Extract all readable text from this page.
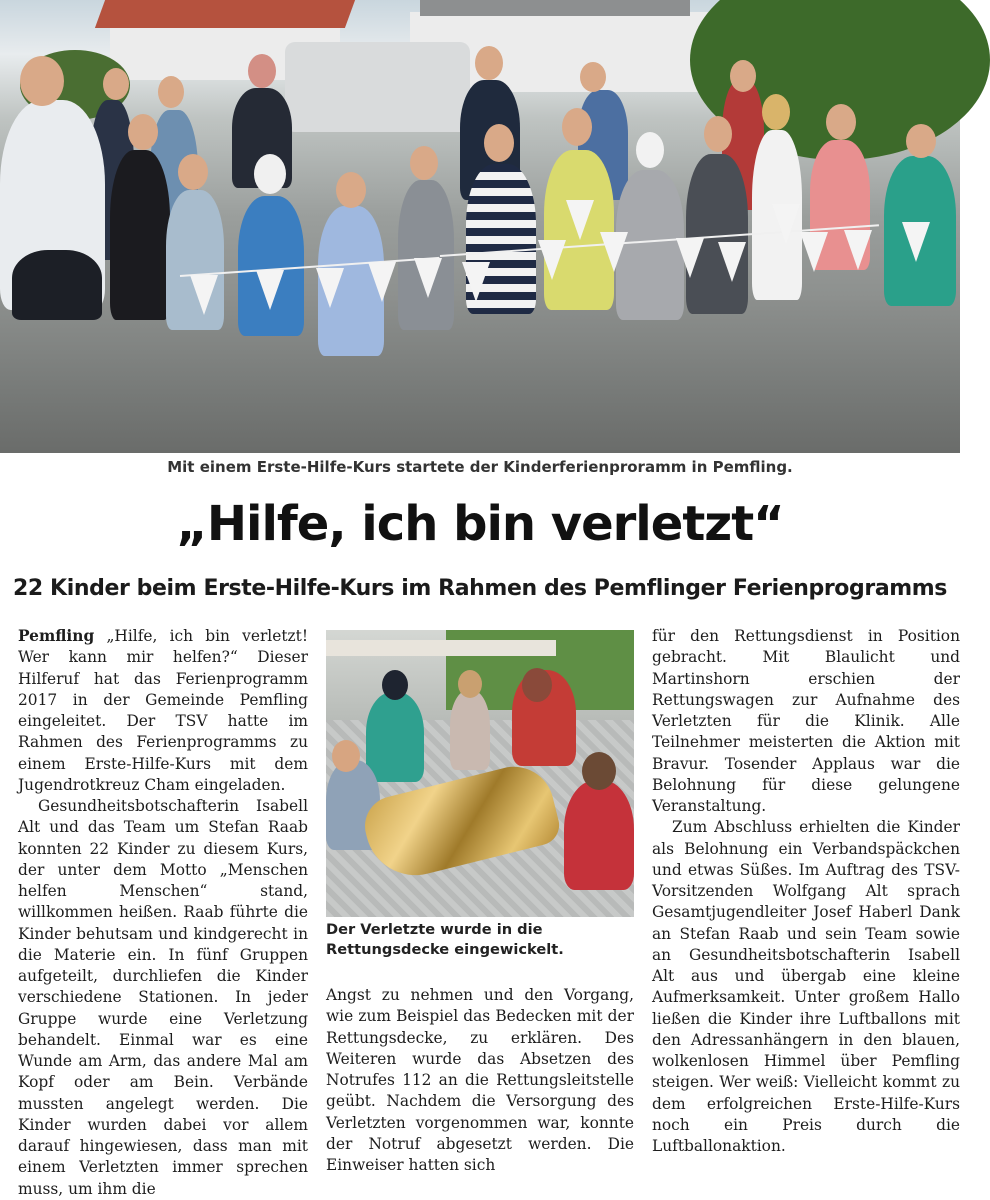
Mit einem Erste-Hilfe-Kurs startete der Kinderferienproramm in Pemfling.
„Hilfe, ich bin verletzt“
22 Kinder beim Erste-Hilfe-Kurs im Rahmen des Pemflinger Ferienprogramms

Pemfling „Hilfe, ich bin verletzt! Wer kann mir helfen?“ Dieser Hilferuf hat das Ferienprogramm 2017 in der Gemeinde Pemfling eingeleitet. Der TSV hatte im Rahmen des Ferienprogramms zu einem Erste-Hilfe-Kurs mit dem Jugendrotkreuz Cham eingeladen.

Gesundheitsbotschafterin Isabell Alt und das Team um Stefan Raab konnten 22 Kinder zu diesem Kurs, der unter dem Motto „Menschen helfen Menschen“ stand, willkommen heißen. Raab führte die Kinder behutsam und kindgerecht in die Materie ein. In fünf Gruppen aufgeteilt, durchliefen die Kinder verschiedene Stationen. In jeder Gruppe wurde eine Verletzung behandelt. Einmal war es eine Wunde am Arm, das andere Mal am Kopf oder am Bein. Verbände mussten angelegt werden. Die Kinder wurden dabei vor allem darauf hingewiesen, dass man mit einem Verletzten immer sprechen muss, um ihm die

Der Verletzte wurde in die Rettungsdecke eingewickelt.

Angst zu nehmen und den Vorgang, wie zum Beispiel das Bedecken mit der Rettungsdecke, zu erklären. Des Weiteren wurde das Absetzen des Notrufes 112 an die Rettungsleitstelle geübt. Nachdem die Versorgung des Verletzten vorgenommen war, konnte der Notruf abgesetzt werden. Die Einweiser hatten sich

für den Rettungsdienst in Position gebracht. Mit Blaulicht und Martinshorn erschien der Rettungswagen zur Aufnahme des Verletzten für die Klinik. Alle Teilnehmer meisterten die Aktion mit Bravur. Tosender Applaus war die Belohnung für diese gelungene Veranstaltung.

Zum Abschluss erhielten die Kinder als Belohnung ein Verbandspäckchen und etwas Süßes. Im Auftrag des TSV-Vorsitzenden Wolfgang Alt sprach Gesamtjugendleiter Josef Haberl Dank an Stefan Raab und sein Team sowie an Gesundheitsbotschafterin Isabell Alt aus und übergab eine kleine Aufmerksamkeit. Unter großem Hallo ließen die Kinder ihre Luftballons mit den Adressanhängern in den blauen, wolkenlosen Himmel über Pemfling steigen. Wer weiß: Vielleicht kommt zu dem erfolgreichen Erste-Hilfe-Kurs noch ein Preis durch die Luftballonaktion.
